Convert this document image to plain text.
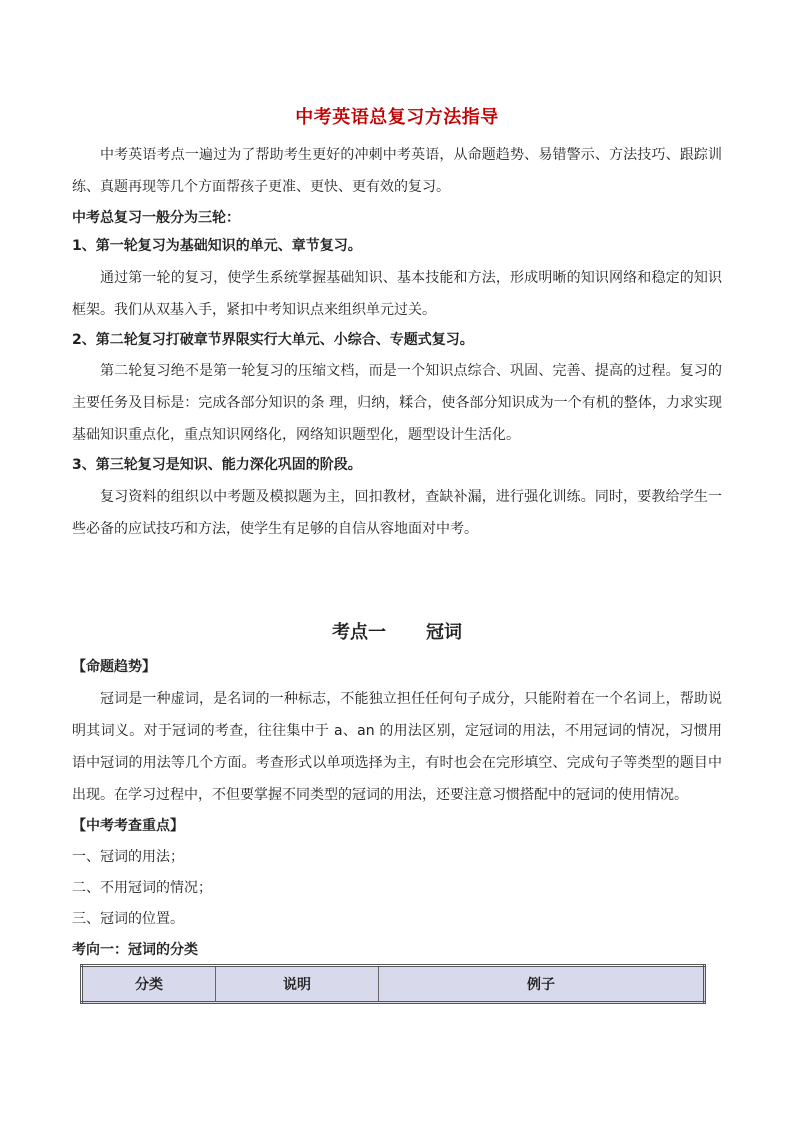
中考英语总复习方法指导

中考英语考点一遍过为了帮助考生更好的冲刺中考英语，从命题趋势、易错警示、方法技巧、跟踪训练、真题再现等几个方面帮孩子更准、更快、更有效的复习。

中考总复习一般分为三轮：

1、第一轮复习为基础知识的单元、章节复习。

通过第一轮的复习，使学生系统掌握基础知识、基本技能和方法，形成明晰的知识网络和稳定的知识框架。我们从双基入手，紧扣中考知识点来组织单元过关。

2、第二轮复习打破章节界限实行大单元、小综合、专题式复习。

第二轮复习绝不是第一轮复习的压缩文档，而是一个知识点综合、巩固、完善、提高的过程。复习的主要任务及目标是：完成各部分知识的条 理，归纳，糅合，使各部分知识成为一个有机的整体，力求实现基础知识重点化，重点知识网络化，网络知识题型化，题型设计生活化。

3、第三轮复习是知识、能力深化巩固的阶段。

复习资料的组织以中考题及模拟题为主，回扣教材，查缺补漏，进行强化训练。同时，要教给学生一些必备的应试技巧和方法，使学生有足够的自信从容地面对中考。

考点一 冠词

【命题趋势】

冠词是一种虚词，是名词的一种标志，不能独立担任任何句子成分，只能附着在一个名词上，帮助说明其词义。对于冠词的考查，往往集中于 a、an 的用法区别，定冠词的用法，不用冠词的情况，习惯用语中冠词的用法等几个方面。考查形式以单项选择为主，有时也会在完形填空、完成句子等类型的题目中出现。在学习过程中，不但要掌握不同类型的冠词的用法，还要注意习惯搭配中的冠词的使用情况。

【中考考查重点】

一、冠词的用法；

二、不用冠词的情况；

三、冠词的位置。

考向一：冠词的分类

分类	说明	例子
